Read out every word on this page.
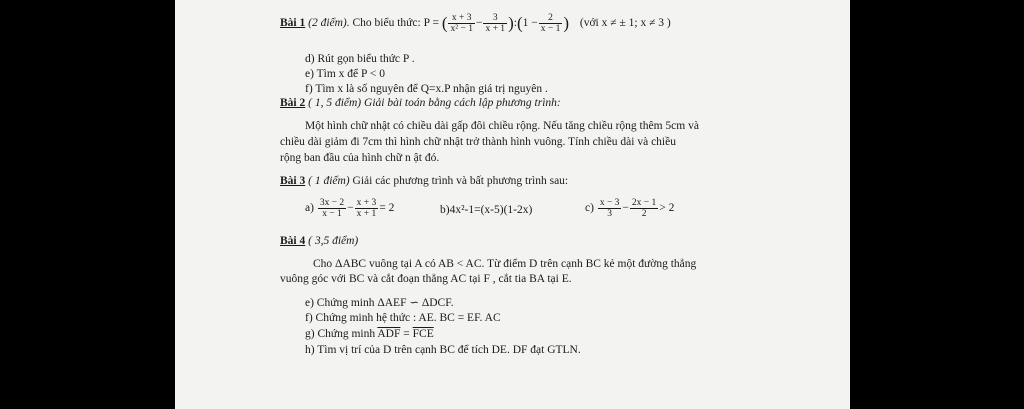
Bài 1 (2 điểm). Cho biểu thức: P = ( $\frac{x + 3}{\text{x² − 1}} - \frac{3}{x + 1}$ ):(1 − $\frac{2}{x - 1}$ ) (với x ≠ ± 1; x ≠ 3 )
d) Rút gọn biểu thức P .
e) Tìm x để P < 0
f) Tìm x là số nguyên để Q=x.P nhận giá trị nguyên .
Bài 2 ( 1, 5 điểm) Giải bài toán bằng cách lập phương trình:
Một hình chữ nhật có chiều dài gấp đôi chiều rộng. Nếu tăng chiều rộng thêm 5cm và
chiều dài giảm đi 7cm thì hình chữ nhật trở thành hình vuông. Tính chiều dài và chiều
rộng ban đầu của hình chữ n ật đó.
Bài 3 ( 1 điểm) Giải các phương trình và bất phương trình sau:
$a) \frac{3x - 2}{x - 1} - \frac{x + 3}{x + 1} = 2$	b)4x²-1=(x-5)(1-2x)	$c) \frac{x - 3}{3} - \frac{2x - 1}{2} > 2$
Bài 4 ( 3,5 điểm)
Cho ΔABC vuông tại A có AB < AC. Từ điểm D trên cạnh BC kẻ một đường thẳng
vuông góc với BC và cắt đoạn thẳng AC tại F , cắt tia BA tại E.
e) Chứng minh ΔAEF ∽ ΔDCF.
f) Chứng minh hệ thức : AE. BC = EF. AC
g) Chứng minh $\overline{ADF} = \overline{FCE}$
h) Tìm vị trí của D trên cạnh BC để tích DE. DF đạt GTLN.
